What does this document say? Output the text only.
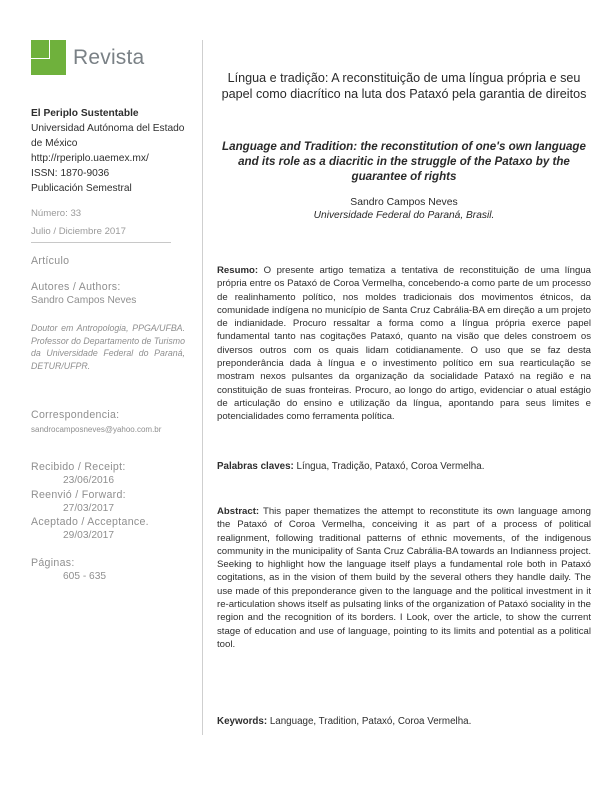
Revista
El Periplo Sustentable
Universidad Autónoma del Estado
de México
http://rperiplo.uaemex.mx/
ISSN: 1870-9036
Publicación Semestral
Número: 33
Julio / Diciembre 2017
Artículo
Autores / Authors:
Sandro Campos Neves
Doutor em Antropologia, PPGA/UFBA. Professor do Departamento de Turismo da Universidade Federal do Paraná, DETUR/UFPR.
Correspondencia:
sandrocamposneves@yahoo.com.br
Recibido / Receipt:
23/06/2016
Reenvió / Forward:
27/03/2017
Aceptado / Acceptance.
29/03/2017
Páginas:
605 - 635
Língua e tradição: A reconstituição de uma língua própria e seu papel como diacrítico na luta dos Pataxó pela garantia de direitos
Language and Tradition: the reconstitution of one's own language and its role as a diacritic in the struggle of the Pataxo by the guarantee of rights
Sandro Campos Neves
Universidade Federal do Paraná, Brasil.
Resumo: O presente artigo tematiza a tentativa de reconstituição de uma língua própria entre os Pataxó de Coroa Vermelha, concebendo-a como parte de um processo de realinhamento político, nos moldes tradicionais dos movimentos étnicos, da comunidade indígena no município de Santa Cruz Cabrália-BA em direção a um projeto de indianidade. Procuro ressaltar a forma como a língua própria exerce papel fundamental tanto nas cogitações Pataxó, quanto na visão que deles constroem os diversos outros com os quais lidam cotidianamente. O uso que se faz desta preponderância dada à língua e o investimento político em sua rearticulação se mostram nexos pulsantes da organização da socialidade Pataxó na região e na constituição de suas fronteiras. Procuro, ao longo do artigo, evidenciar o atual estágio de articulação do ensino e utilização da língua, apontando para seus limites e potencialidades como ferramenta política.
Palabras claves: Língua, Tradição, Pataxó, Coroa Vermelha.
Abstract: This paper thematizes the attempt to reconstitute its own language among the Pataxó of Coroa Vermelha, conceiving it as part of a process of political realignment, following traditional patterns of ethnic movements, of the indigenous community in the municipality of Santa Cruz Cabrália-BA towards an Indianness project. Seeking to highlight how the language itself plays a fundamental role both in Pataxó cogitations, as in the vision of them build by the several others they handle daily. The use made of this preponderance given to the language and the political investment in it re-articulation shows itself as pulsating links of the organization of Pataxó sociality in the region and the recognition of its borders. I Look, over the article, to show the current stage of education and use of language, pointing to its limits and potential as a political tool.
Keywords: Language, Tradition, Pataxó, Coroa Vermelha.
